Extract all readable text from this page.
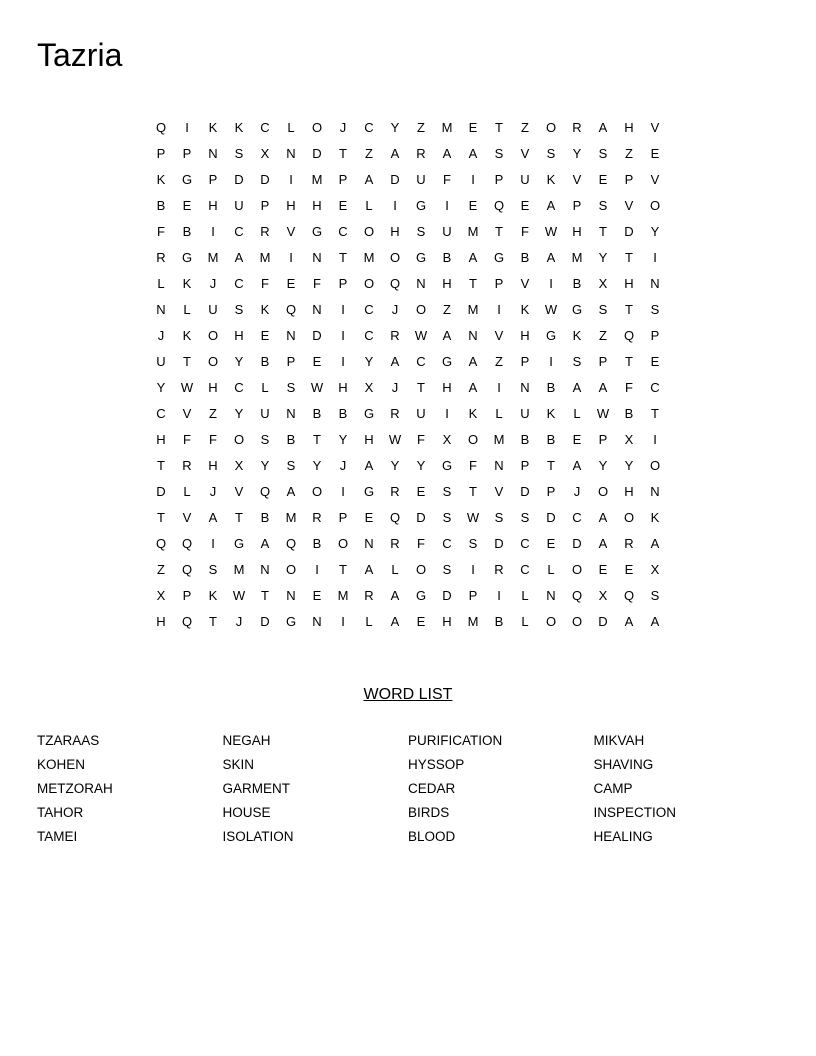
Tazria
Q	I	K	K	C	L	O	J	C	Y	Z	M	E	T	Z	O	R	A	H	V
P	P	N	S	X	N	D	T	Z	A	R	A	A	S	V	S	Y	S	Z	E
K	G	P	D	D	I	M	P	A	D	U	F	I	P	U	K	V	E	P	V
B	E	H	U	P	H	H	E	L	I	G	I	E	Q	E	A	P	S	V	O
F	B	I	C	R	V	G	C	O	H	S	U	M	T	F	W	H	T	D	Y
R	G	M	A	M	I	N	T	M	O	G	B	A	G	B	A	M	Y	T	I
L	K	J	C	F	E	F	P	O	Q	N	H	T	P	V	I	B	X	H	N
N	L	U	S	K	Q	N	I	C	J	O	Z	M	I	K	W	G	S	T	S
J	K	O	H	E	N	D	I	C	R	W	A	N	V	H	G	K	Z	Q	P
U	T	O	Y	B	P	E	I	Y	A	C	G	A	Z	P	I	S	P	T	E
Y	W	H	C	L	S	W	H	X	J	T	H	A	I	N	B	A	A	F	C
C	V	Z	Y	U	N	B	B	G	R	U	I	K	L	U	K	L	W	B	T
H	F	F	O	S	B	T	Y	H	W	F	X	O	M	B	B	E	P	X	I
T	R	H	X	Y	S	Y	J	A	Y	Y	G	F	N	P	T	A	Y	Y	O
D	L	J	V	Q	A	O	I	G	R	E	S	T	V	D	P	J	O	H	N
T	V	A	T	B	M	R	P	E	Q	D	S	W	S	S	D	C	A	O	K
Q	Q	I	G	A	Q	B	O	N	R	F	C	S	D	C	E	D	A	R	A
Z	Q	S	M	N	O	I	T	A	L	O	S	I	R	C	L	O	E	E	X
X	P	K	W	T	N	E	M	R	A	G	D	P	I	L	N	Q	X	Q	S
H	Q	T	J	D	G	N	I	L	A	E	H	M	B	L	O	O	D	A	A
WORD LIST
TZARAAS	NEGAH	PURIFICATION	MIKVAH
KOHEN	SKIN	HYSSOP	SHAVING
METZORAH	GARMENT	CEDAR	CAMP
TAHOR	HOUSE	BIRDS	INSPECTION
TAMEI	ISOLATION	BLOOD	HEALING
